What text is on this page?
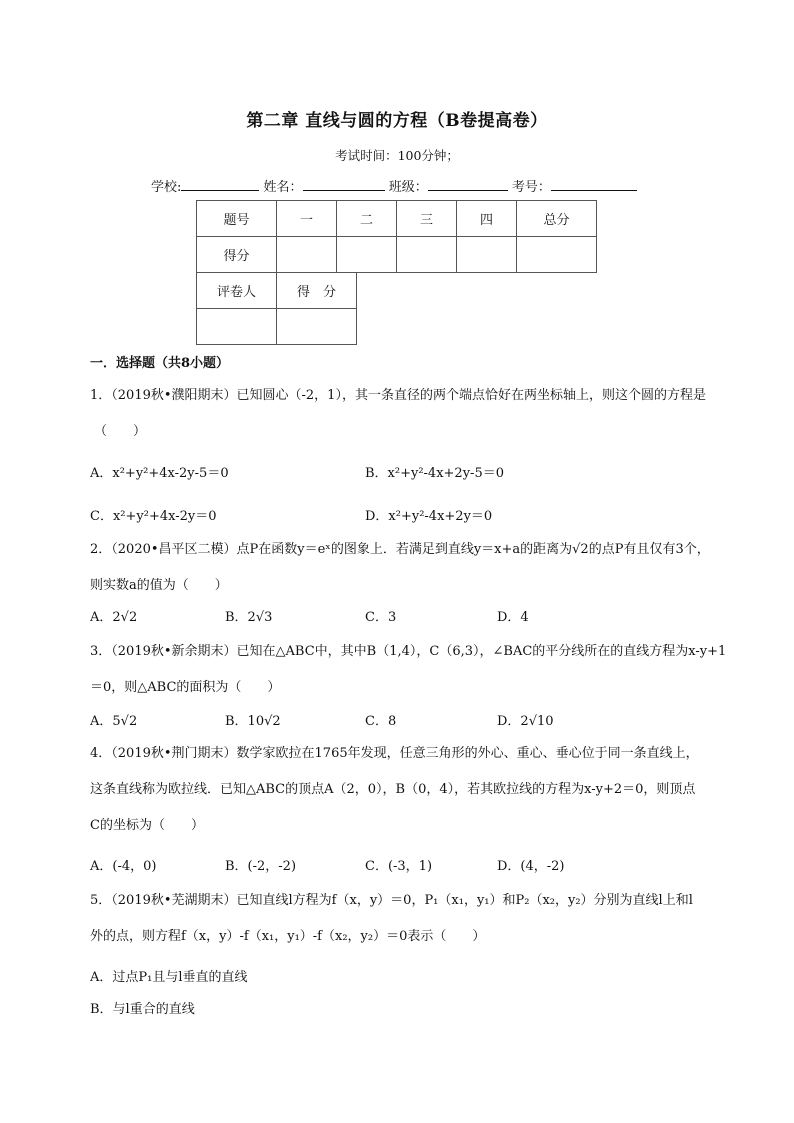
第二章 直线与圆的方程（B卷提高卷）
考试时间：100分钟；
学校:	姓名：	班级：	考号：
题号	一	二	三	四	总分
得分					
评卷人	得　分

一．选择题（共8小题）
1．（2019秋•濮阳期末）已知圆心（-2，1），其一条直径的两个端点恰好在两坐标轴上，则这个圆的方程是
（　　）
A．x²+y²+4x-2y-5＝0	B．x²+y²-4x+2y-5＝0
C．x²+y²+4x-2y＝0	D．x²+y²-4x+2y＝0
2．（2020•昌平区二模）点P在函数y＝eˣ的图象上．若满足到直线y＝x+a的距离为√2的点P有且仅有3个，
则实数a的值为（　　）
A．2√2	B．2√3	C．3	D．4
3．（2019秋•新余期末）已知在△ABC中，其中B（1,4），C（6,3），∠BAC的平分线所在的直线方程为x-y+1
＝0，则△ABC的面积为（　　）
A．5√2	B．10√2	C．8	D．2√10
4．（2019秋•荆门期末）数学家欧拉在1765年发现，任意三角形的外心、重心、垂心位于同一条直线上，
这条直线称为欧拉线．已知△ABC的顶点A（2，0），B（0，4），若其欧拉线的方程为x-y+2＝0，则顶点
C的坐标为（　　）
A．(-4，0)	B．(-2，-2)	C．(-3，1)	D．(4，-2)
5．（2019秋•芜湖期末）已知直线l方程为f（x，y）＝0，P₁（x₁，y₁）和P₂（x₂，y₂）分别为直线l上和l
外的点，则方程f（x，y）-f（x₁，y₁）-f（x₂，y₂）＝0表示（　　）
A．过点P₁且与l垂直的直线
B．与l重合的直线
